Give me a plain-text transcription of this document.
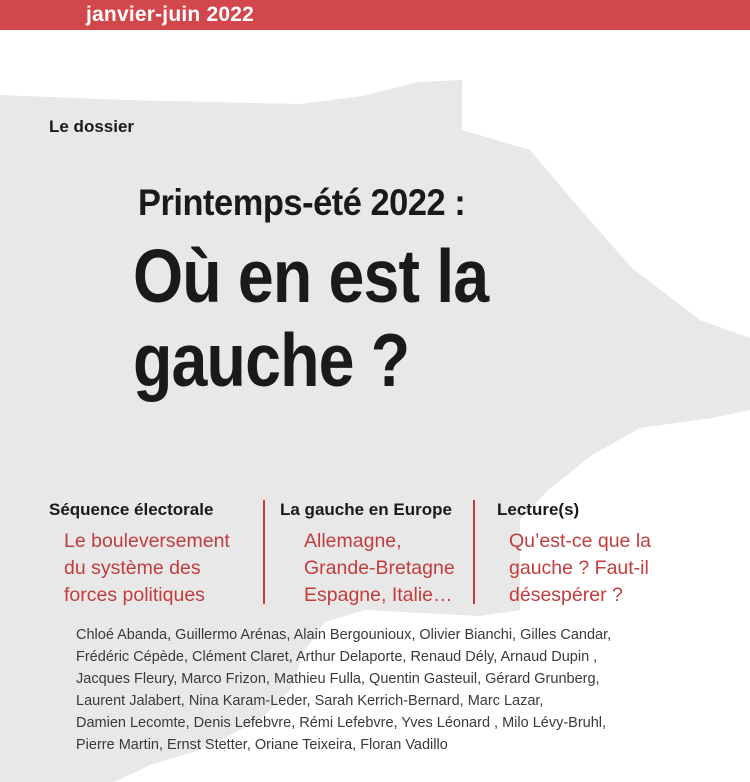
janvier-juin 2022
Le dossier
Printemps-été 2022 :
Où en est la
gauche ?
Séquence électorale
Le bouleversement
du système des
forces politiques
La gauche en Europe
Allemagne,
Grande-Bretagne
Espagne, Italie…
Lecture(s)
Qu’est-ce que la
gauche ? Faut-il
désespérer ?
Chloé Abanda, Guillermo Arénas, Alain Bergounioux, Olivier Bianchi, Gilles Candar,
Frédéric Cépède, Clément Claret, Arthur Delaporte, Renaud Dély, Arnaud Dupin ,
Jacques Fleury, Marco Frizon, Mathieu Fulla, Quentin Gasteuil, Gérard Grunberg,
Laurent Jalabert, Nina Karam-Leder, Sarah Kerrich-Bernard, Marc Lazar,
Damien Lecomte, Denis Lefebvre, Rémi Lefebvre, Yves Léonard , Milo Lévy-Bruhl,
Pierre Martin, Ernst Stetter, Oriane Teixeira, Floran Vadillo
